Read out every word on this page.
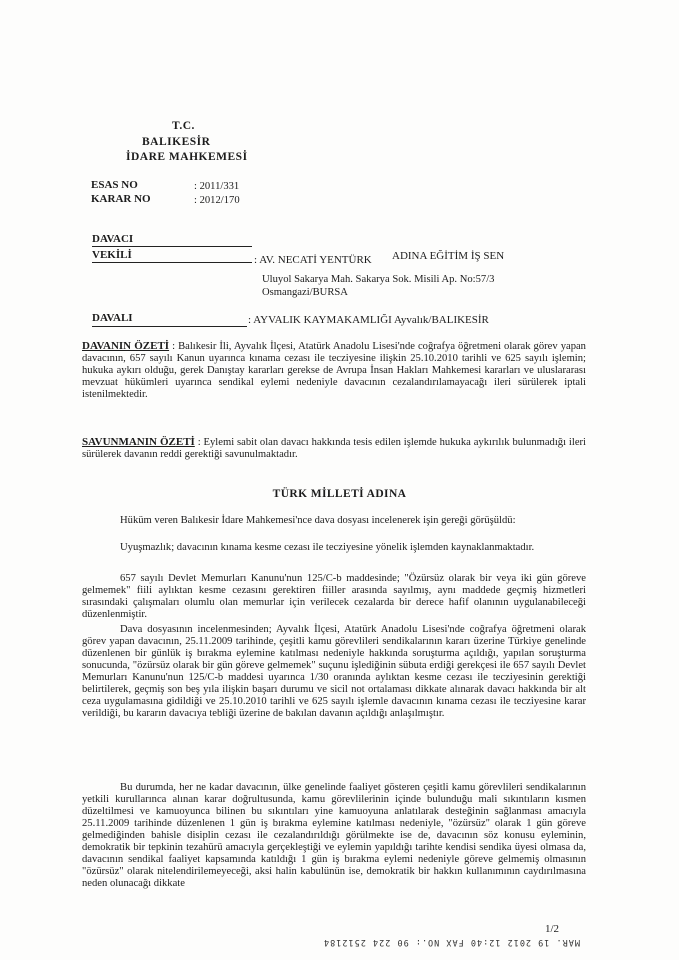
T.C.
BALIKESİR
İDARE MAHKEMESİ
ESAS NO	: 2011/331
KARAR NO	: 2012/170
DAVACI
ADINA EĞİTİM İŞ SEN
VEKİLİ	: AV. NECATİ YENTÜRK
Uluyol Sakarya Mah. Sakarya Sok. Misili Ap. No:57/3
Osmangazi/BURSA
DAVALI	: AYVALIK KAYMAKAMLIĞI Ayvalık/BALIKESİR
DAVANIN ÖZETİ : Balıkesir İli, Ayvalık İlçesi, Atatürk Anadolu Lisesi'nde coğrafya öğretmeni olarak görev yapan davacının, 657 sayılı Kanun uyarınca kınama cezası ile tecziyesine ilişkin 25.10.2010 tarihli ve 625 sayılı işlemin; hukuka aykırı olduğu, gerek Danıştay kararları gerekse de Avrupa İnsan Hakları Mahkemesi kararları ve uluslararası mevzuat hükümleri uyarınca sendikal eylemi nedeniyle davacının cezalandırılamayacağı ileri sürülerek iptali istenilmektedir.
SAVUNMANIN ÖZETİ : Eylemi sabit olan davacı hakkında tesis edilen işlemde hukuka aykırılık bulunmadığı ileri sürülerek davanın reddi gerektiği savunulmaktadır.
TÜRK MİLLETİ ADINA
Hüküm veren Balıkesir İdare Mahkemesi'nce dava dosyası incelenerek işin gereği görüşüldü:
Uyuşmazlık; davacının kınama kesme cezası ile tecziyesine yönelik işlemden kaynaklanmaktadır.
657 sayılı Devlet Memurları Kanunu'nun 125/C-b maddesinde; "Özürsüz olarak bir veya iki gün göreve gelmemek" fiili aylıktan kesme cezasını gerektiren fiiller arasında sayılmış, aynı maddede geçmiş hizmetleri sırasındaki çalışmaları olumlu olan memurlar için verilecek cezalarda bir derece hafif olanının uygulanabileceği düzenlenmiştir.
Dava dosyasının incelenmesinden; Ayvalık İlçesi, Atatürk Anadolu Lisesi'nde coğrafya öğretmeni olarak görev yapan davacının, 25.11.2009 tarihinde, çeşitli kamu görevlileri sendikalarının kararı üzerine Türkiye genelinde düzenlenen bir günlük iş bırakma eylemine katılması nedeniyle hakkında soruşturma açıldığı, yapılan soruşturma sonucunda, "özürsüz olarak bir gün göreve gelmemek" suçunu işlediğinin sübuta erdiği gerekçesi ile 657 sayılı Devlet Memurları Kanunu'nun 125/C-b maddesi uyarınca 1/30 oranında aylıktan kesme cezası ile tecziyesinin gerektiği belirtilerek, geçmiş son beş yıla ilişkin başarı durumu ve sicil not ortalaması dikkate alınarak davacı hakkında bir alt ceza uygulamasına gidildiği ve 25.10.2010 tarihli ve 625 sayılı işlemle davacının kınama cezası ile tecziyesine karar verildiği, bu kararın davacıya tebliği üzerine de bakılan davanın açıldığı anlaşılmıştır.
Bu durumda, her ne kadar davacının, ülke genelinde faaliyet gösteren çeşitli kamu görevlileri sendikalarının yetkili kurullarınca alınan karar doğrultusunda, kamu görevlilerinin içinde bulunduğu mali sıkıntıların kısmen düzeltilmesi ve kamuoyunca bilinen bu sıkıntıları yine kamuoyuna anlatılarak desteğinin sağlanması amacıyla 25.11.2009 tarihinde düzenlenen 1 gün iş bırakma eylemine katılması nedeniyle, "özürsüz" olarak 1 gün göreve gelmediğinden bahisle disiplin cezası ile cezalandırıldığı görülmekte ise de, davacının söz konusu eyleminin, demokratik bir tepkinin tezahürü amacıyla gerçekleştiği ve eylemin yapıldığı tarihte kendisi sendika üyesi olmasa da, davacının sendikal faaliyet kapsamında katıldığı 1 gün iş bırakma eylemi nedeniyle göreve gelmemiş olmasının "özürsüz" olarak nitelendirilemeyeceği, aksi halin kabulünün ise, demokratik bir hakkın kullanımının caydırılmasına neden olunacağı dikkate
1/2
MAR. 19 2012 12:40 FAX NO.: 90 224 2512184
